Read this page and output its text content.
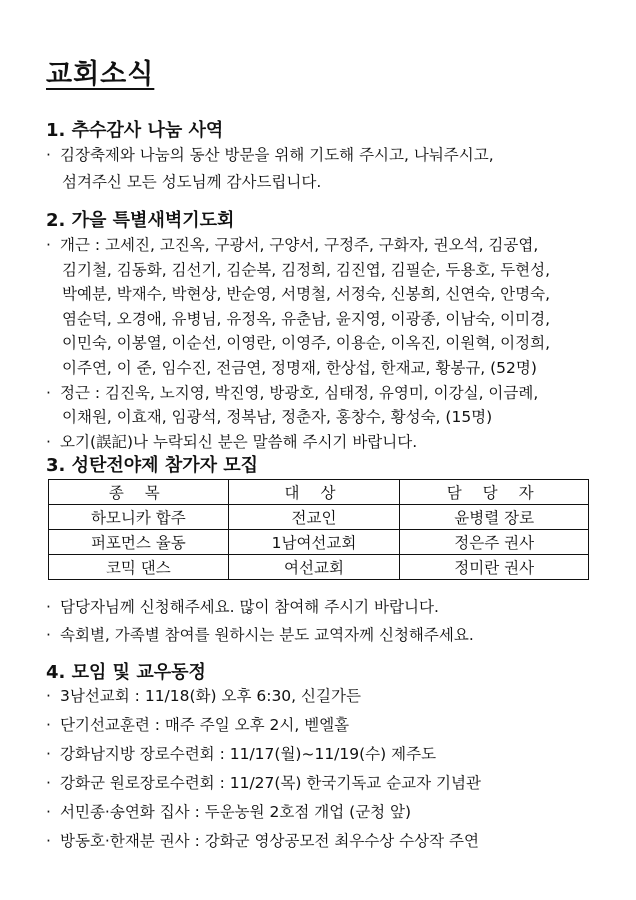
교회소식
1. 추수감사 나눔 사역

· 김장축제와 나눔의 동산 방문을 위해 기도해 주시고, 나눠주시고,

섬겨주신 모든 성도님께 감사드립니다.

2. 가을 특별새벽기도회

· 개근 : 고세진, 고진옥, 구광서, 구양서, 구정주, 구화자, 권오석, 김공엽,

김기철, 김동화, 김선기, 김순복, 김정희, 김진엽, 김필순, 두용호, 두현성,

박예분, 박재수, 박현상, 반순영, 서명철, 서정숙, 신봉희, 신연숙, 안명숙,

염순덕, 오경애, 유병님, 유정옥, 유춘남, 윤지영, 이광종, 이남숙, 이미경,

이민숙, 이봉열, 이순선, 이영란, 이영주, 이용순, 이옥진, 이원혁, 이정희,

이주연, 이 준, 임수진, 전금연, 정명재, 한상섭, 한재교, 황봉규, (52명)

· 정근 : 김진욱, 노지영, 박진영, 방광호, 심태정, 유영미, 이강실, 이금례,

이채원, 이효재, 임광석, 정복남, 정춘자, 홍창수, 황성숙, (15명)

· 오기(誤記)나 누락되신 분은 말씀해 주시기 바랍니다.

3. 성탄전야제 참가자 모집
종 목	대 상	담 당 자
하모니카 합주	전교인	윤병렬 장로
퍼포먼스 율동	1남여선교회	정은주 권사
코믹 댄스	여선교회	정미란 권사

· 담당자님께 신청해주세요. 많이 참여해 주시기 바랍니다.

· 속회별, 가족별 참여를 원하시는 분도 교역자께 신청해주세요.

4. 모임 및 교우동정

· 3남선교회 : 11/18(화) 오후 6:30, 신길가든

· 단기선교훈련 : 매주 주일 오후 2시, 벧엘홀

· 강화남지방 장로수련회 : 11/17(월)~11/19(수) 제주도

· 강화군 원로장로수련회 : 11/27(목) 한국기독교 순교자 기념관

· 서민종·송연화 집사 : 두운농원 2호점 개업 (군청 앞)

· 방동호·한재분 권사 : 강화군 영상공모전 최우수상 수상작 주연
